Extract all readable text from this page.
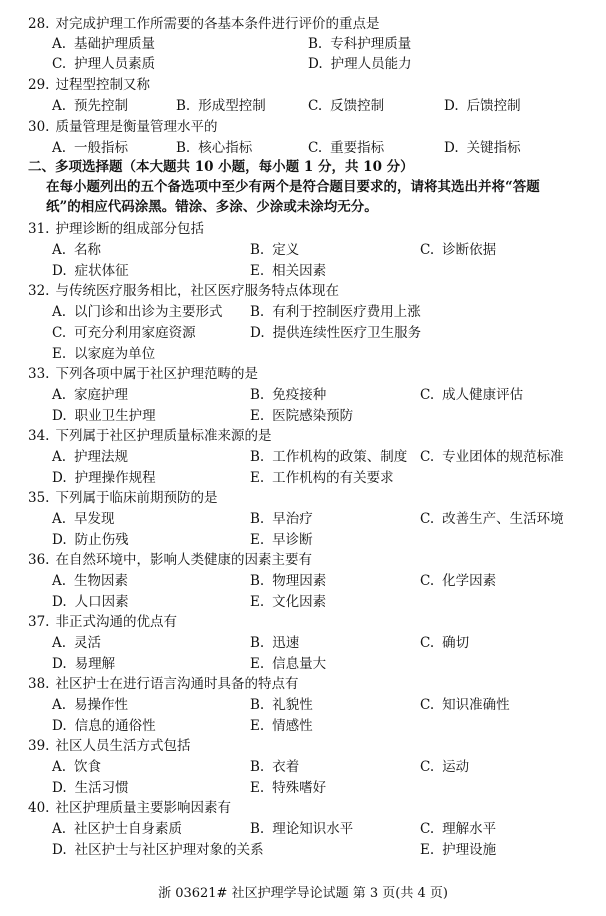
28. 对完成护理工作所需要的各基本条件进行评价的重点是
A. 基础护理质量	B. 专科护理质量
C. 护理人员素质	D. 护理人员能力
29. 过程型控制又称
A. 预先控制	B. 形成型控制	C. 反馈控制	D. 后馈控制
30. 质量管理是衡量管理水平的
A. 一般指标	B. 核心指标	C. 重要指标	D. 关键指标
二、多项选择题（本大题共 10 小题，每小题 1 分，共 10 分）
在每小题列出的五个备选项中至少有两个是符合题目要求的，请将其选出并将“答题
纸”的相应代码涂黑。错涂、多涂、少涂或未涂均无分。
31. 护理诊断的组成部分包括
A. 名称	B. 定义	C. 诊断依据
D. 症状体征	E. 相关因素
32. 与传统医疗服务相比，社区医疗服务特点体现在
A. 以门诊和出诊为主要形式 B. 有利于控制医疗费用上涨
C. 可充分利用家庭资源	D. 提供连续性医疗卫生服务
E. 以家庭为单位
33. 下列各项中属于社区护理范畴的是
A. 家庭护理	B. 免疫接种	C. 成人健康评估
D. 职业卫生护理	E. 医院感染预防
34. 下列属于社区护理质量标准来源的是
A. 护理法规	B. 工作机构的政策、制度 C. 专业团体的规范标准
D. 护理操作规程	E. 工作机构的有关要求
35. 下列属于临床前期预防的是
A. 早发现	B. 早治疗	C. 改善生产、生活环境
D. 防止伤残	E. 早诊断
36. 在自然环境中，影响人类健康的因素主要有
A. 生物因素	B. 物理因素	C. 化学因素
D. 人口因素	E. 文化因素
37. 非正式沟通的优点有
A. 灵活	B. 迅速	C. 确切
D. 易理解	E. 信息量大
38. 社区护士在进行语言沟通时具备的特点有
A. 易操作性	B. 礼貌性	C. 知识准确性
D. 信息的通俗性	E. 情感性
39. 社区人员生活方式包括
A. 饮食	B. 衣着	C. 运动
D. 生活习惯	E. 特殊嗜好
40. 社区护理质量主要影响因素有
A. 社区护士自身素质	B. 理论知识水平	C. 理解水平
D. 社区护士与社区护理对象的关系	E. 护理设施
浙 03621# 社区护理学导论试题 第 3 页(共 4 页)
